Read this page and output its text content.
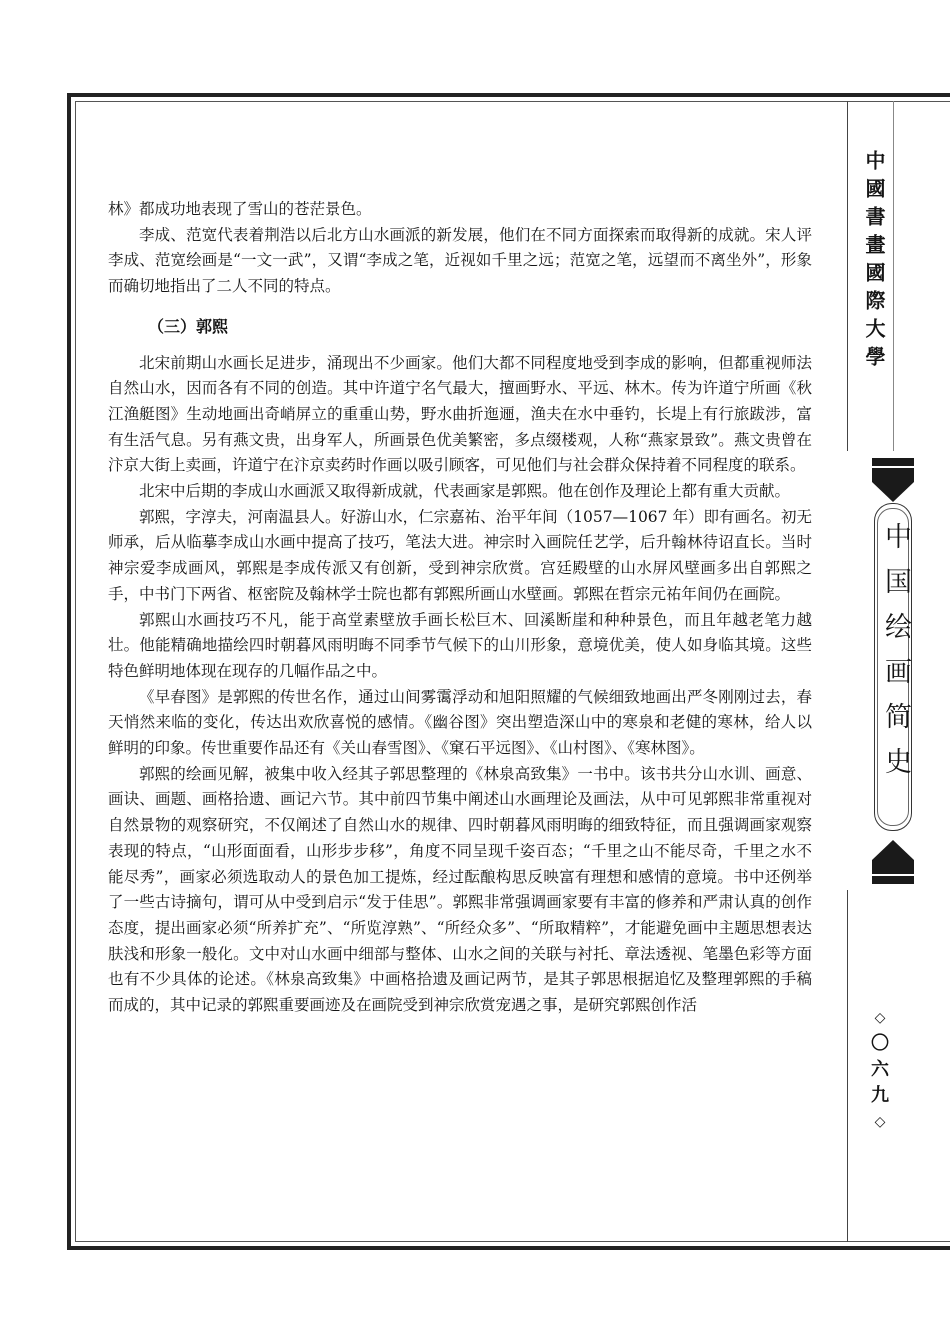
中國書畫國際大學
中国绘画简史
◇
〇
六
九
◇

林》都成功地表现了雪山的苍茫景色。

李成、范宽代表着荆浩以后北方山水画派的新发展，他们在不同方面探索而取得新的成就。宋人评李成、范宽绘画是“一文一武”，又谓“李成之笔，近视如千里之远；范宽之笔，远望而不离坐外”，形象而确切地指出了二人不同的特点。

（三）郭熙

北宋前期山水画长足进步，涌现出不少画家。他们大都不同程度地受到李成的影响，但都重视师法自然山水，因而各有不同的创造。其中许道宁名气最大，擅画野水、平远、林木。传为许道宁所画《秋江渔艇图》生动地画出奇峭屏立的重重山势，野水曲折迤逦，渔夫在水中垂钓，长堤上有行旅跋涉，富有生活气息。另有燕文贵，出身军人，所画景色优美繁密，多点缀楼观，人称“燕家景致”。燕文贵曾在汴京大街上卖画，许道宁在汴京卖药时作画以吸引顾客，可见他们与社会群众保持着不同程度的联系。

北宋中后期的李成山水画派又取得新成就，代表画家是郭熙。他在创作及理论上都有重大贡献。

郭熙，字淳夫，河南温县人。好游山水，仁宗嘉祐、治平年间（1057—1067 年）即有画名。初无师承，后从临摹李成山水画中提高了技巧，笔法大进。神宗时入画院任艺学，后升翰林待诏直长。当时神宗爱李成画风，郭熙是李成传派又有创新，受到神宗欣赏。宫廷殿壁的山水屏风壁画多出自郭熙之手，中书门下两省、枢密院及翰林学士院也都有郭熙所画山水壁画。郭熙在哲宗元祐年间仍在画院。

郭熙山水画技巧不凡，能于高堂素壁放手画长松巨木、回溪断崖和种种景色，而且年越老笔力越壮。他能精确地描绘四时朝暮风雨明晦不同季节气候下的山川形象，意境优美，使人如身临其境。这些特色鲜明地体现在现存的几幅作品之中。

《早春图》是郭熙的传世名作，通过山间雾霭浮动和旭阳照耀的气候细致地画出严冬刚刚过去，春天悄然来临的变化，传达出欢欣喜悦的感情。《幽谷图》突出塑造深山中的寒泉和老健的寒林，给人以鲜明的印象。传世重要作品还有《关山春雪图》、《窠石平远图》、《山村图》、《寒林图》。

郭熙的绘画见解，被集中收入经其子郭思整理的《林泉高致集》一书中。该书共分山水训、画意、画诀、画题、画格拾遗、画记六节。其中前四节集中阐述山水画理论及画法，从中可见郭熙非常重视对自然景物的观察研究，不仅阐述了自然山水的规律、四时朝暮风雨明晦的细致特征，而且强调画家观察表现的特点，“山形面面看，山形步步移”，角度不同呈现千姿百态；“千里之山不能尽奇，千里之水不能尽秀”，画家必须选取动人的景色加工提炼，经过酝酿构思反映富有理想和感情的意境。书中还例举了一些古诗摘句，谓可从中受到启示“发于佳思”。郭熙非常强调画家要有丰富的修养和严肃认真的创作态度，提出画家必须“所养扩充”、“所览淳熟”、“所经众多”、“所取精粹”，才能避免画中主题思想表达肤浅和形象一般化。文中对山水画中细部与整体、山水之间的关联与衬托、章法透视、笔墨色彩等方面也有不少具体的论述。《林泉高致集》中画格拾遗及画记两节，是其子郭思根据追忆及整理郭熙的手稿而成的，其中记录的郭熙重要画迹及在画院受到神宗欣赏宠遇之事，是研究郭熙创作活
